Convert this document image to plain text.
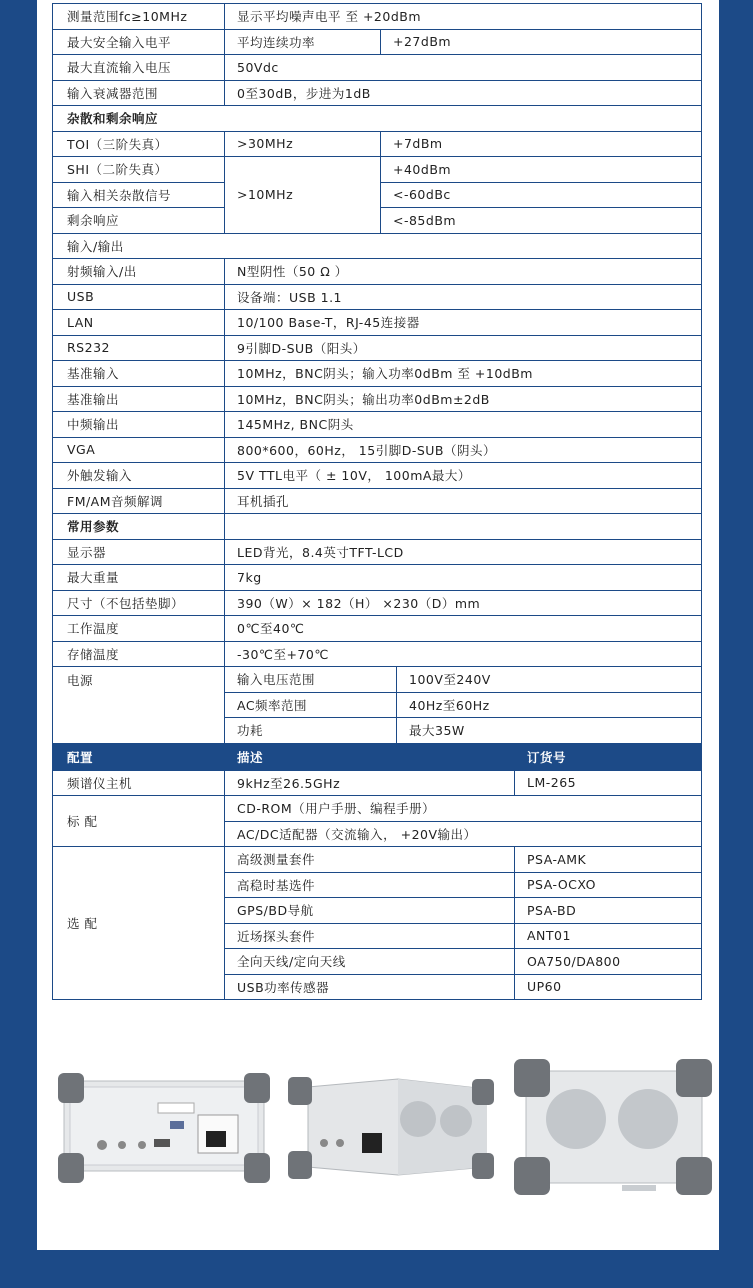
测量范围fc≥10MHz	显示平均噪声电平 至 +20dBm		
最大安全输入电平	平均连续功率	+27dBm	
最大直流输入电压	50Vdc		
输入衰减器范围	0至30dB，步进为1dB		
杂散和剩余响应			
TOI（三阶失真）	>30MHz	+7dBm	
SHI（二阶失真）	>10MHz	+40dBm	
输入相关杂散信号		<-60dBc	
剩余响应		<-85dBm	
输入/输出			
射频输入/出	N型阴性（50 Ω ）		
USB	设备端：USB 1.1		
LAN	10/100 Base-T，RJ-45连接器		
RS232	9引脚D-SUB（阳头）		
基准输入	10MHz，BNC阴头；输入功率0dBm 至 +10dBm		
基准输出	10MHz，BNC阴头；输出功率0dBm±2dB		
中频输出	145MHz, BNC阴头		
VGA	800*600，60Hz， 15引脚D-SUB（阴头）		
外触发输入	5V TTL电平（ ± 10V， 100mA最大）		
FM/AM音频解调	耳机插孔		
常用参数			
显示器	LED背光，8.4英寸TFT-LCD		
最大重量	7kg		
尺寸（不包括垫脚）	390（W）× 182（H） ×230（D）mm		
工作温度	0℃至40℃		
存储温度	-30℃至+70℃		
电源	输入电压范围		100V至240V
	AC频率范围		40Hz至60Hz
	功耗		最大35W
配置	描述	订货号
频谱仪主机	9kHz至26.5GHz	LM-265
标 配	CD-ROM（用户手册、编程手册）	
	AC/DC适配器（交流输入， +20V输出）	
选 配	高级测量套件	PSA-AMK
	高稳时基选件	PSA-OCXO
	GPS/BD导航	PSA-BD
	近场探头套件	ANT01
	全向天线/定向天线	OA750/DA800
	USB功率传感器	UP60
